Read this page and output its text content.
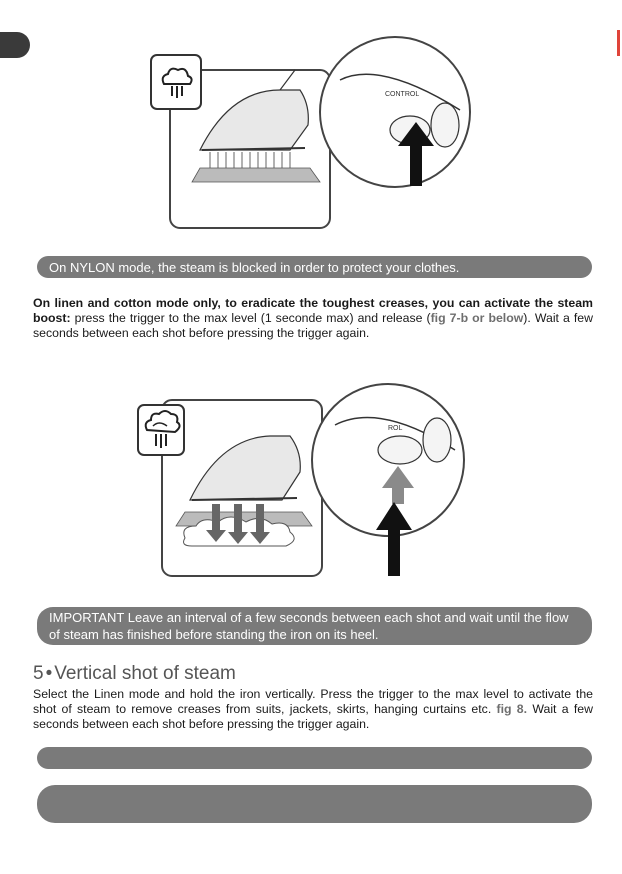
CONTROL
On NYLON mode, the steam is blocked in order to protect your clothes.

On linen and cotton mode only, to eradicate the toughest creases, you can activate the steam boost: press the trigger to the max level (1 seconde max) and release (fig 7-b or below). Wait a few seconds between each shot before pressing the trigger again.

ROL
IMPORTANT Leave an interval of a few seconds between each shot and wait until the flow of steam has finished before standing the iron on its heel.
5 • Vertical shot of steam

Select the Linen mode and hold the iron vertically. Press the trigger to the max level to activate the shot of steam to remove creases from suits, jackets, skirts, hanging curtains etc. fig 8. Wait a few seconds between each shot before pressing the trigger again.
